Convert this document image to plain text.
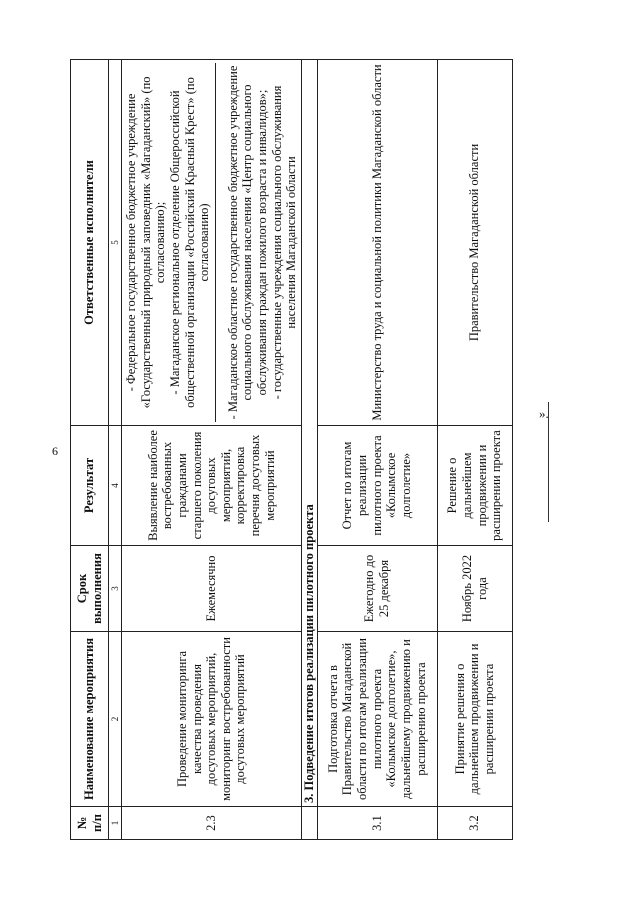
6
».
№ п/п	Наименование мероприятия	Срок выполнения	Результат	Ответственные исполнители
1	2	3	4	5
2.3	Проведение мониторинга качества проведения досуговых мероприятий, мониторинг востребованности досуговых мероприятий	Ежемесячно	Выявление наиболее востребованных гражданами старшего поколения досуговых мероприятий, корректировка перечня досуговых мероприятий	- Федеральное государственное бюджетное учреждение «Государственный природный заповедник «Магаданский» (по согласованию); - Магаданское региональное отделение Общероссийской общественной организации «Российский Красный Крест» (по согласованию) - Магаданское областное государственное бюджетное учреждение социального обслуживания населения «Центр социального обслуживания граждан пожилого возраста и инвалидов»; - государственные учреждения социального обслуживания населения Магаданской области

	3. Подведение итогов реализации пилотного проекта			
3.1	Подготовка отчета в Правительство Магаданской области по итогам реализации пилотного проекта «Колымское долголетие», дальнейшему продвижению и расширению проекта	Ежегодно до 25 декабря	Отчет по итогам реализации пилотного проекта «Колымское долголетие»	Министерство труда и социальной политики Магаданской области
3.2	Принятие решения о дальнейшем продвижении и расширении проекта	Ноябрь 2022 года	Решение о дальнейшем продвижении и расширении проекта	Правительство Магаданской области
